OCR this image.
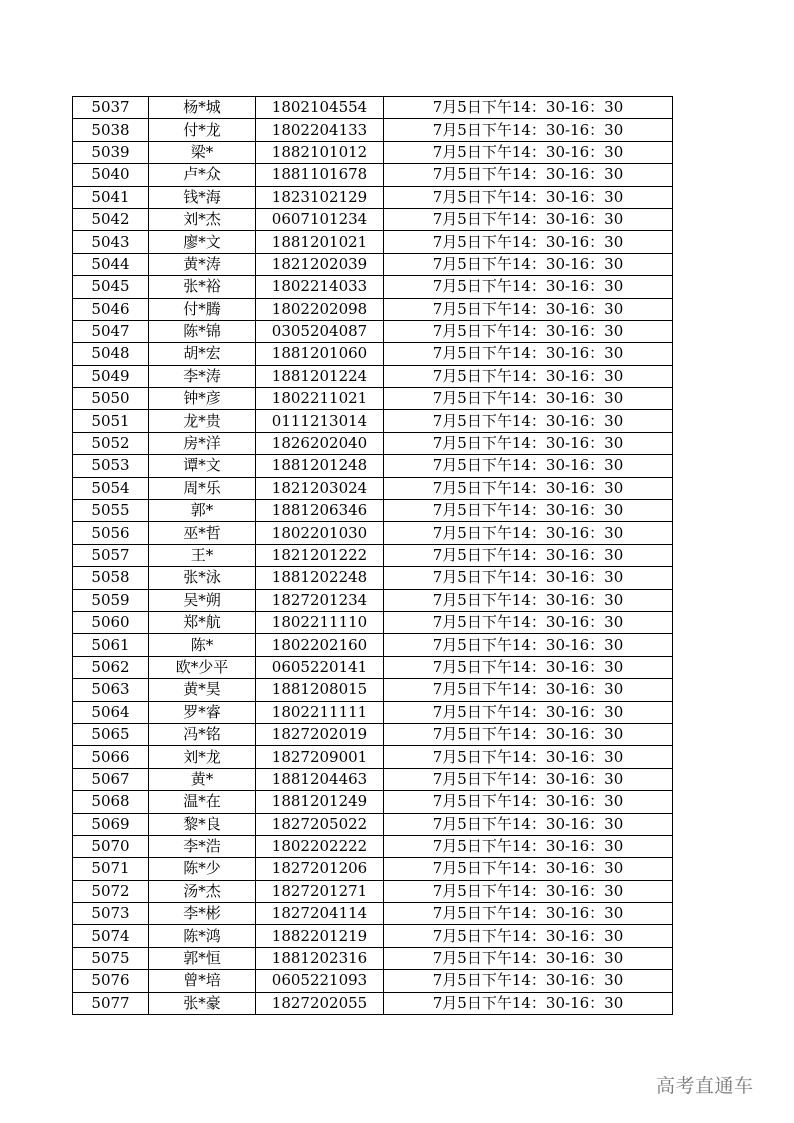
5037	杨*城	1802104554	7月5日下午14：30-16：30
5038	付*龙	1802204133	7月5日下午14：30-16：30
5039	梁*	1882101012	7月5日下午14：30-16：30
5040	卢*众	1881101678	7月5日下午14：30-16：30
5041	钱*海	1823102129	7月5日下午14：30-16：30
5042	刘*杰	0607101234	7月5日下午14：30-16：30
5043	廖*文	1881201021	7月5日下午14：30-16：30
5044	黄*涛	1821202039	7月5日下午14：30-16：30
5045	张*裕	1802214033	7月5日下午14：30-16：30
5046	付*腾	1802202098	7月5日下午14：30-16：30
5047	陈*锦	0305204087	7月5日下午14：30-16：30
5048	胡*宏	1881201060	7月5日下午14：30-16：30
5049	李*涛	1881201224	7月5日下午14：30-16：30
5050	钟*彦	1802211021	7月5日下午14：30-16：30
5051	龙*贵	0111213014	7月5日下午14：30-16：30
5052	房*洋	1826202040	7月5日下午14：30-16：30
5053	谭*文	1881201248	7月5日下午14：30-16：30
5054	周*乐	1821203024	7月5日下午14：30-16：30
5055	郭*	1881206346	7月5日下午14：30-16：30
5056	巫*哲	1802201030	7月5日下午14：30-16：30
5057	王*	1821201222	7月5日下午14：30-16：30
5058	张*泳	1881202248	7月5日下午14：30-16：30
5059	吴*朔	1827201234	7月5日下午14：30-16：30
5060	郑*航	1802211110	7月5日下午14：30-16：30
5061	陈*	1802202160	7月5日下午14：30-16：30
5062	欧*少平	0605220141	7月5日下午14：30-16：30
5063	黄*昊	1881208015	7月5日下午14：30-16：30
5064	罗*睿	1802211111	7月5日下午14：30-16：30
5065	冯*铭	1827202019	7月5日下午14：30-16：30
5066	刘*龙	1827209001	7月5日下午14：30-16：30
5067	黄*	1881204463	7月5日下午14：30-16：30
5068	温*在	1881201249	7月5日下午14：30-16：30
5069	黎*良	1827205022	7月5日下午14：30-16：30
5070	李*浩	1802202222	7月5日下午14：30-16：30
5071	陈*少	1827201206	7月5日下午14：30-16：30
5072	汤*杰	1827201271	7月5日下午14：30-16：30
5073	李*彬	1827204114	7月5日下午14：30-16：30
5074	陈*鸿	1882201219	7月5日下午14：30-16：30
5075	郭*恒	1881202316	7月5日下午14：30-16：30
5076	曾*培	0605221093	7月5日下午14：30-16：30
5077	张*豪	1827202055	7月5日下午14：30-16：30
高考直通车
